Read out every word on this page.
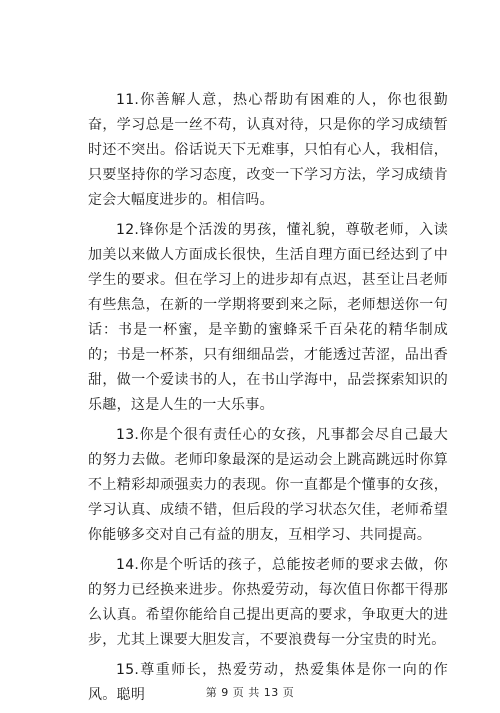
11.你善解人意，热心帮助有困难的人，你也很勤奋，学习总是一丝不苟，认真对待，只是你的学习成绩暂时还不突出。俗话说天下无难事，只怕有心人，我相信，只要坚持你的学习态度，改变一下学习方法，学习成绩肯定会大幅度进步的。相信吗。

12.锋你是个活泼的男孩，懂礼貌，尊敬老师，入读加美以来做人方面成长很快，生活自理方面已经达到了中学生的要求。但在学习上的进步却有点迟，甚至让吕老师有些焦急，在新的一学期将要到来之际，老师想送你一句话：书是一杯蜜，是辛勤的蜜蜂采千百朵花的精华制成的；书是一杯茶，只有细细品尝，才能透过苦涩，品出香甜，做一个爱读书的人，在书山学海中，品尝探索知识的乐趣，这是人生的一大乐事。

13.你是个很有责任心的女孩，凡事都会尽自己最大的努力去做。老师印象最深的是运动会上跳高跳远时你算不上精彩却顽强卖力的表现。你一直都是个懂事的女孩，学习认真、成绩不错，但后段的学习状态欠佳，老师希望你能够多交对自己有益的朋友，互相学习、共同提高。

14.你是个听话的孩子，总能按老师的要求去做，你的努力已经换来进步。你热爱劳动，每次值日你都干得那么认真。希望你能给自己提出更高的要求，争取更大的进步，尤其上课要大胆发言，不要浪费每一分宝贵的时光。

15.尊重师长，热爱劳动，热爱集体是你一向的作风。聪明	第 9 页 共 13 页
